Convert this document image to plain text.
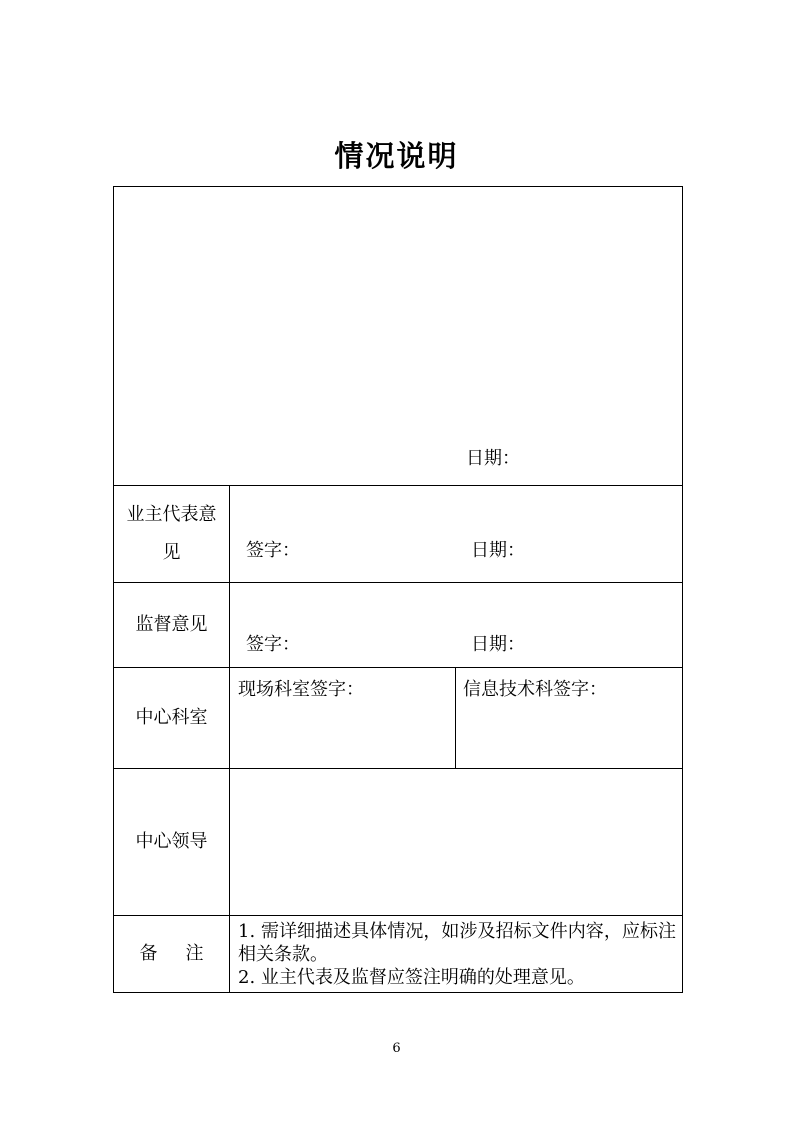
情况说明
日期：		

业主代表意见	签字： 日期：	

监督意见	签字： 日期：	

中心科室	现场科室签字：	信息技术科签字：

中心领导		

备 注	1. 需详细描述具体情况，如涉及招标文件内容，应标注相关条款。
2. 业主代表及监督应签注明确的处理意见。	
6
